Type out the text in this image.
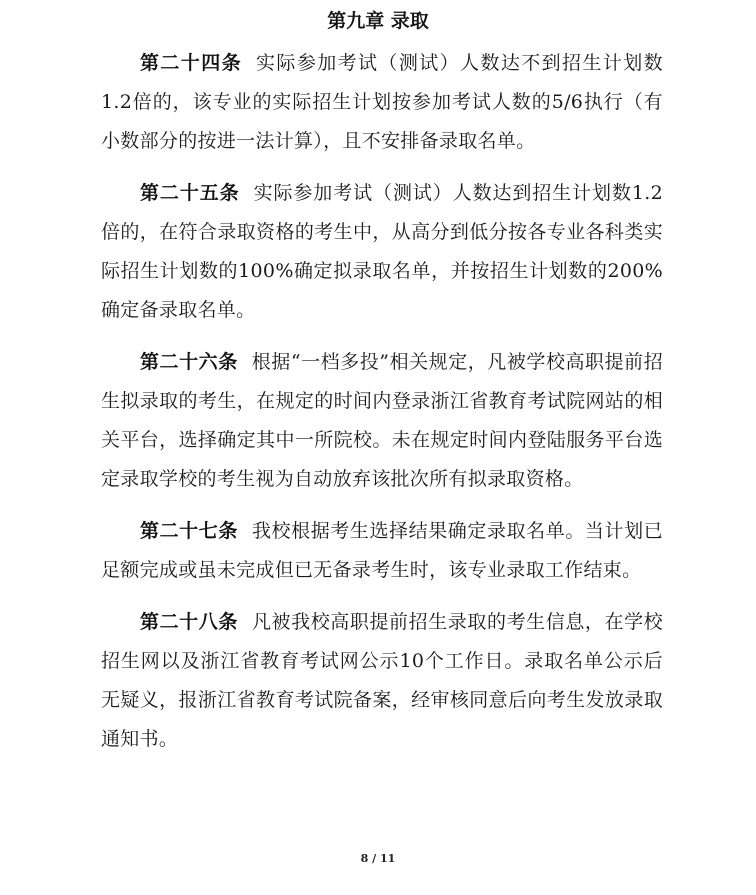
第九章 录取

第二十四条 实际参加考试（测试）人数达不到招生计划数1.2倍的，该专业的实际招生计划按参加考试人数的5/6执行（有小数部分的按进一法计算），且不安排备录取名单。

第二十五条 实际参加考试（测试）人数达到招生计划数1.2倍的，在符合录取资格的考生中，从高分到低分按各专业各科类实际招生计划数的100%确定拟录取名单，并按招生计划数的200%确定备录取名单。

第二十六条 根据“一档多投”相关规定，凡被学校高职提前招生拟录取的考生，在规定的时间内登录浙江省教育考试院网站的相关平台，选择确定其中一所院校。未在规定时间内登陆服务平台选定录取学校的考生视为自动放弃该批次所有拟录取资格。

第二十七条 我校根据考生选择结果确定录取名单。当计划已足额完成或虽未完成但已无备录考生时，该专业录取工作结束。

第二十八条 凡被我校高职提前招生录取的考生信息，在学校招生网以及浙江省教育考试网公示10个工作日。录取名单公示后无疑义，报浙江省教育考试院备案，经审核同意后向考生发放录取通知书。

8 / 11
